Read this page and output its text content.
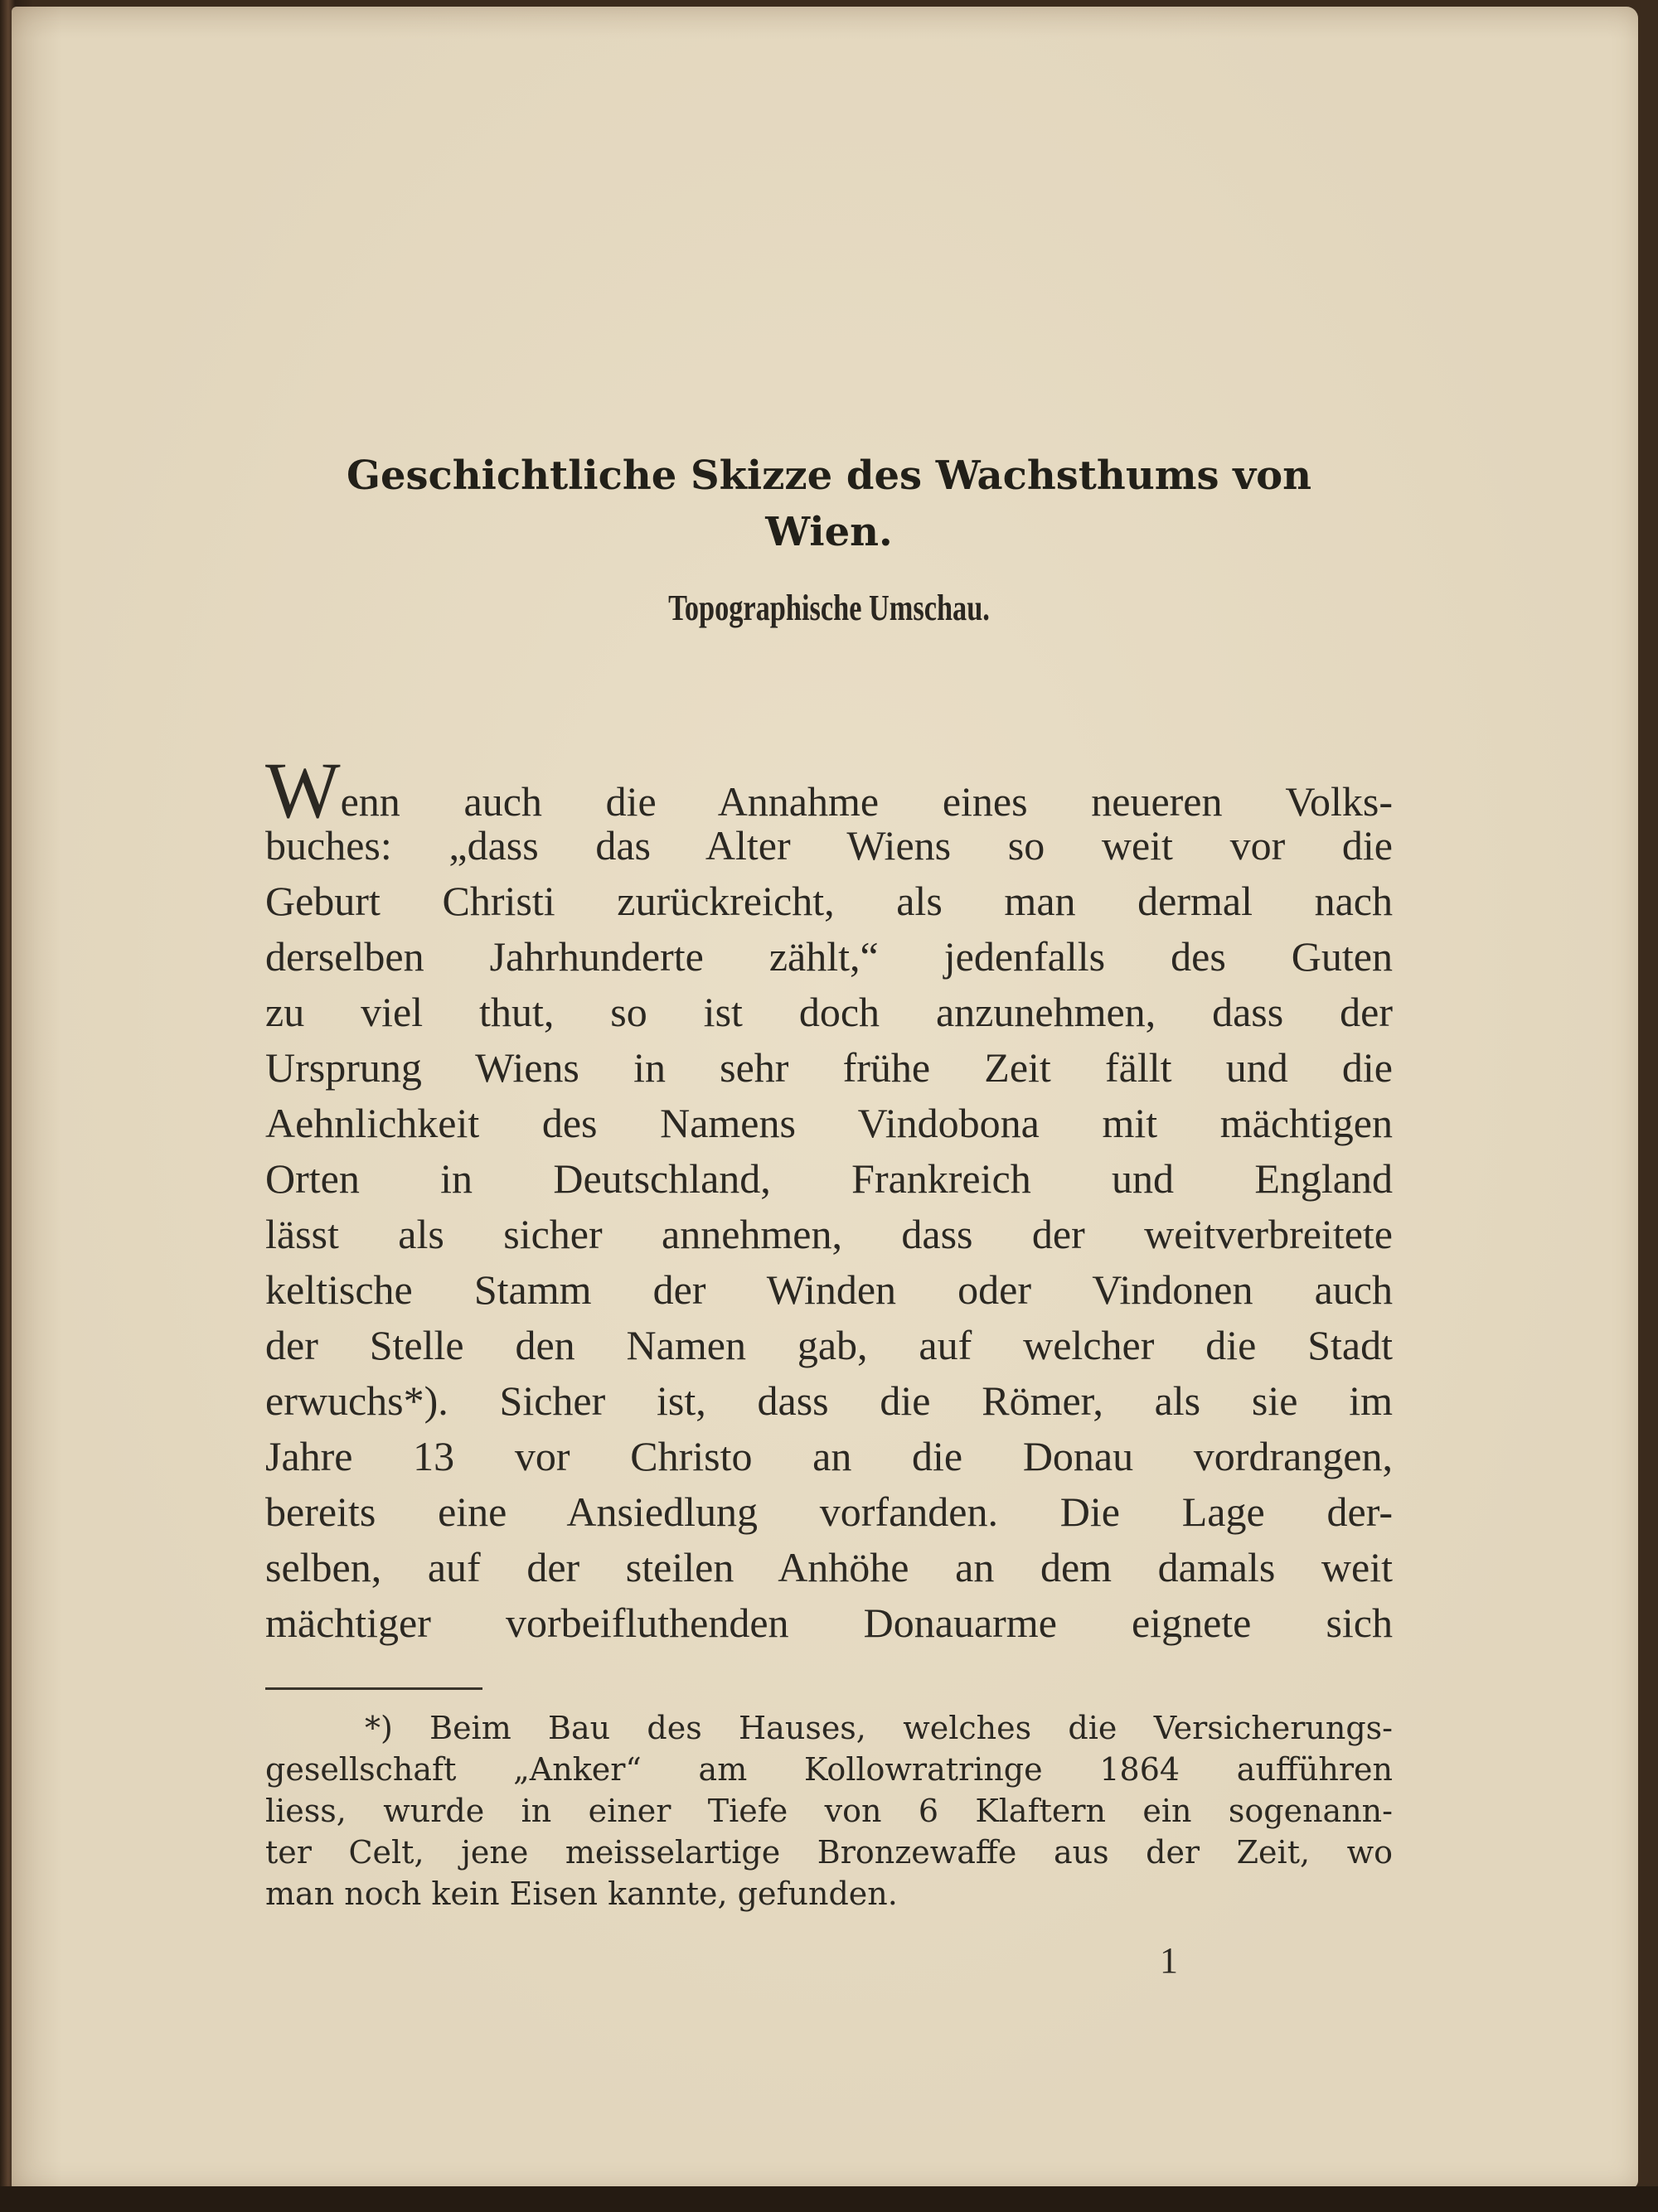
Geschichtliche Skizze des Wachsthums von
Wien.
Topographische Umschau.
Wenn auch die Annahme eines neueren Volks-
buches: „dass das Alter Wiens so weit vor die
Geburt Christi zurückreicht, als man dermal nach
derselben Jahrhunderte zählt,“ jedenfalls des Guten
zu viel thut, so ist doch anzunehmen, dass der
Ursprung Wiens in sehr frühe Zeit fällt und die
Aehnlichkeit des Namens Vindobona mit mächtigen
Orten in Deutschland, Frankreich und England
lässt als sicher annehmen, dass der weitverbreitete
keltische Stamm der Winden oder Vindonen auch
der Stelle den Namen gab, auf welcher die Stadt
erwuchs*). Sicher ist, dass die Römer, als sie im
Jahre 13 vor Christo an die Donau vordrangen,
bereits eine Ansiedlung vorfanden. Die Lage der-
selben, auf der steilen Anhöhe an dem damals weit
mächtiger vorbeifluthenden Donauarme eignete sich
*) Beim Bau des Hauses, welches die Versicherungs-
gesellschaft „Anker“ am Kollowratringe 1864 aufführen
liess, wurde in einer Tiefe von 6 Klaftern ein sogenann-
ter Celt, jene meisselartige Bronzewaffe aus der Zeit, wo
man noch kein Eisen kannte, gefunden.
1
